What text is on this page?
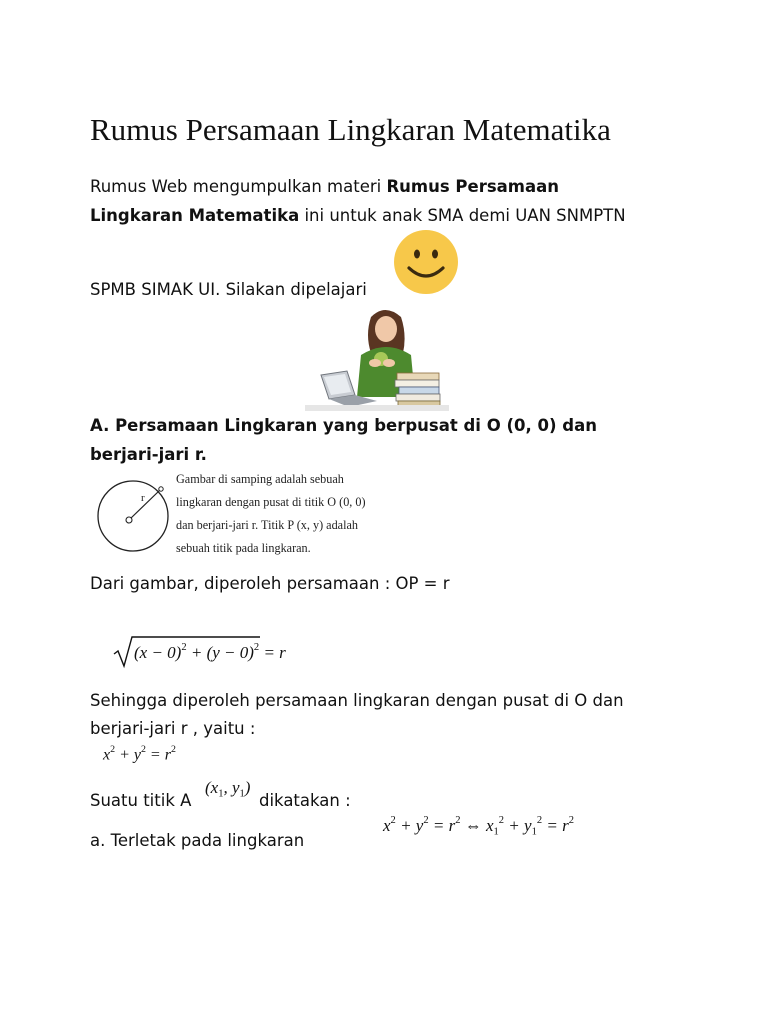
Rumus Persamaan Lingkaran Matematika
Rumus Web mengumpulkan materi Rumus Persamaan
Lingkaran Matematika ini untuk anak SMA demi UAN SNMPTN
SPMB SIMAK UI. Silakan dipelajari
A. Persamaan Lingkaran yang berpusat di O (0, 0) dan
berjari-jari r.
r
Gambar di samping adalah sebuah
lingkaran dengan pusat di titik O (0, 0)
dan berjari-jari r. Titik P (x, y) adalah
sebuah titik pada lingkaran.
Dari gambar, diperoleh persamaan : OP = r
$(x - 0)^2 + (y - 0)^2 = r$
Sehingga diperoleh persamaan lingkaran dengan pusat di O dan
berjari-jari r , yaitu :
$x^2 + y^2 = r^2$
Suatu titik A
($x_1$, $y_1$)
dikatakan :
a. Terletak pada lingkaran
$x^2 + y^2 = r^2$ ⇔ $x_1^2 + y_1^2 = r^2$
